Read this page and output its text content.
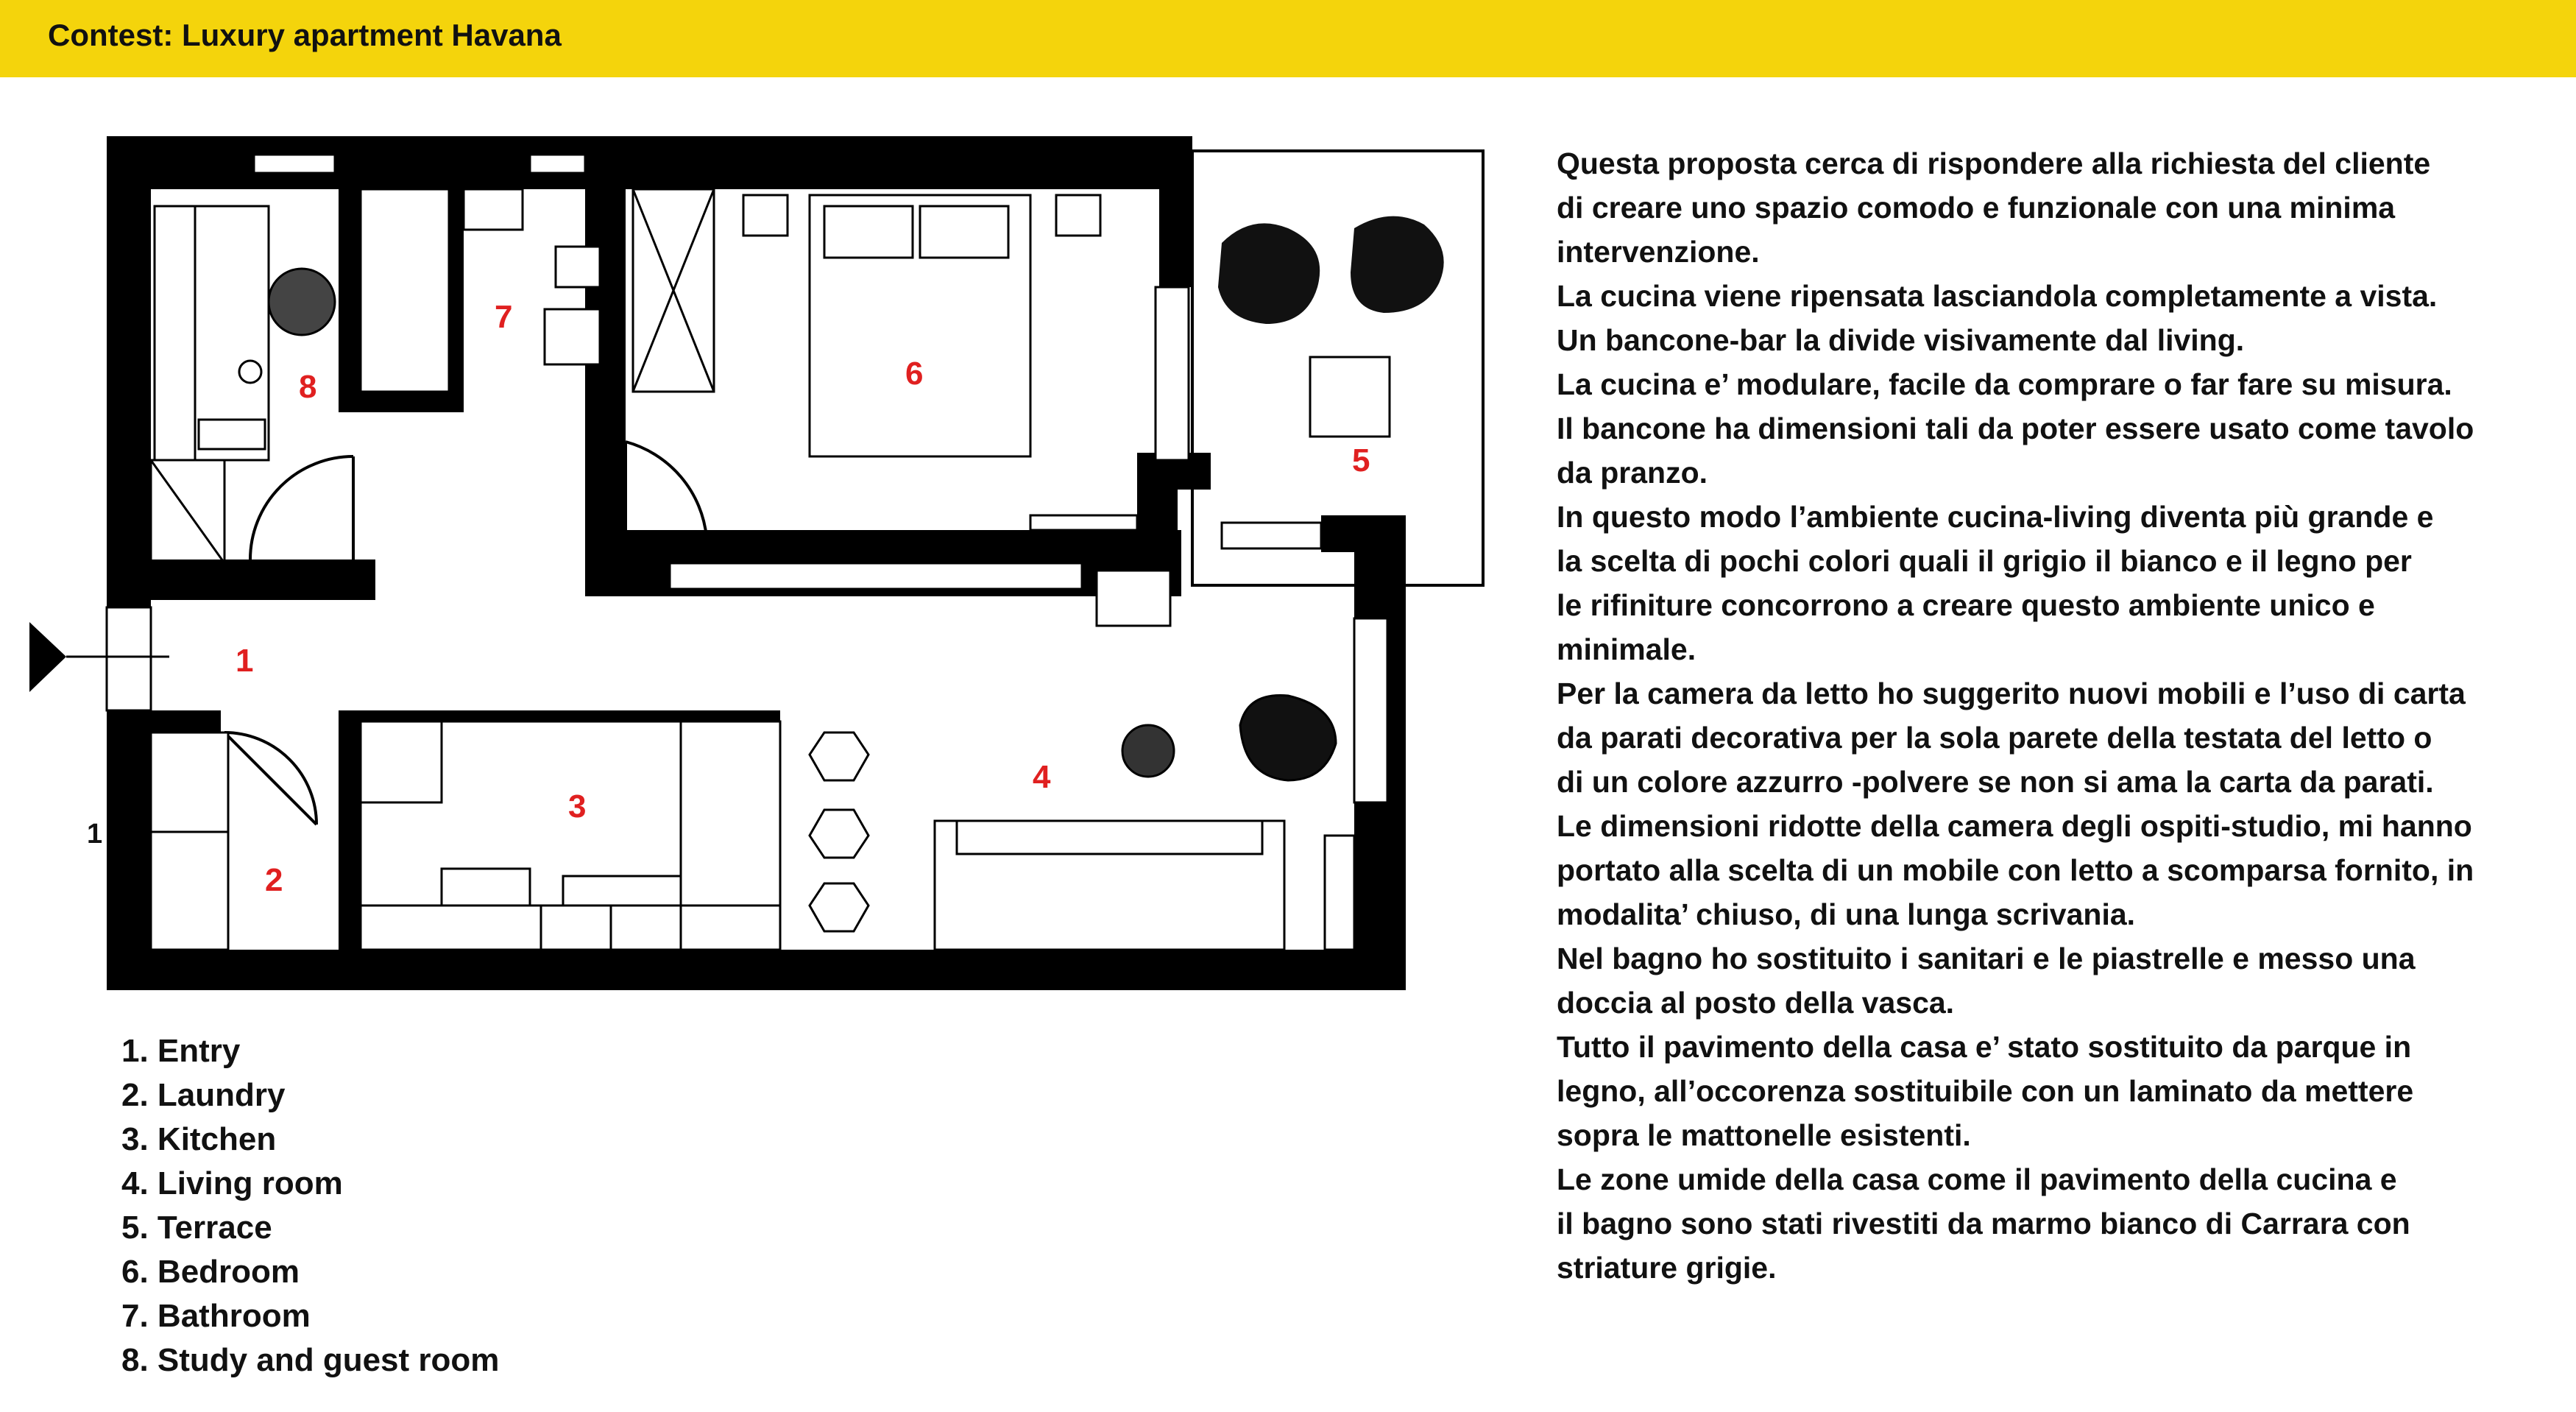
Contest: Luxury apartment Havana
1
1
2
3
4
5
6
7
8
1. Entry
2. Laundry
3. Kitchen
4. Living room
5. Terrace
6. Bedroom
7. Bathroom
8. Study and guest room

Questa proposta cerca di rispondere alla richiesta del cliente

di creare uno spazio comodo e funzionale con una minima

intervenzione.

La cucina viene ripensata lasciandola completamente a vista.

Un bancone-bar la divide visivamente dal living.

La cucina e’ modulare, facile da comprare o far fare su misura.

Il bancone ha dimensioni tali da poter essere usato come tavolo

da pranzo.

In questo modo l’ambiente cucina-living diventa più grande e

la scelta di pochi colori quali il grigio il bianco e il legno per

le rifiniture concorrono a creare questo ambiente unico e

minimale.

Per la camera da letto ho suggerito nuovi mobili e l’uso di carta

da parati decorativa per la sola parete della testata del letto o

di un colore azzurro -polvere se non si ama la carta da parati.

Le dimensioni ridotte della camera degli ospiti-studio, mi hanno

portato alla scelta di un mobile con letto a scomparsa fornito, in

modalita’ chiuso, di una lunga scrivania.

Nel bagno ho sostituito i sanitari e le piastrelle e messo una

doccia al posto della vasca.

Tutto il pavimento della casa e’ stato sostituito da parque in

legno, all’occorenza sostituibile con un laminato da mettere

sopra le mattonelle esistenti.

Le zone umide della casa come il pavimento della cucina e

il bagno sono stati rivestiti da marmo bianco di Carrara con

striature grigie.
